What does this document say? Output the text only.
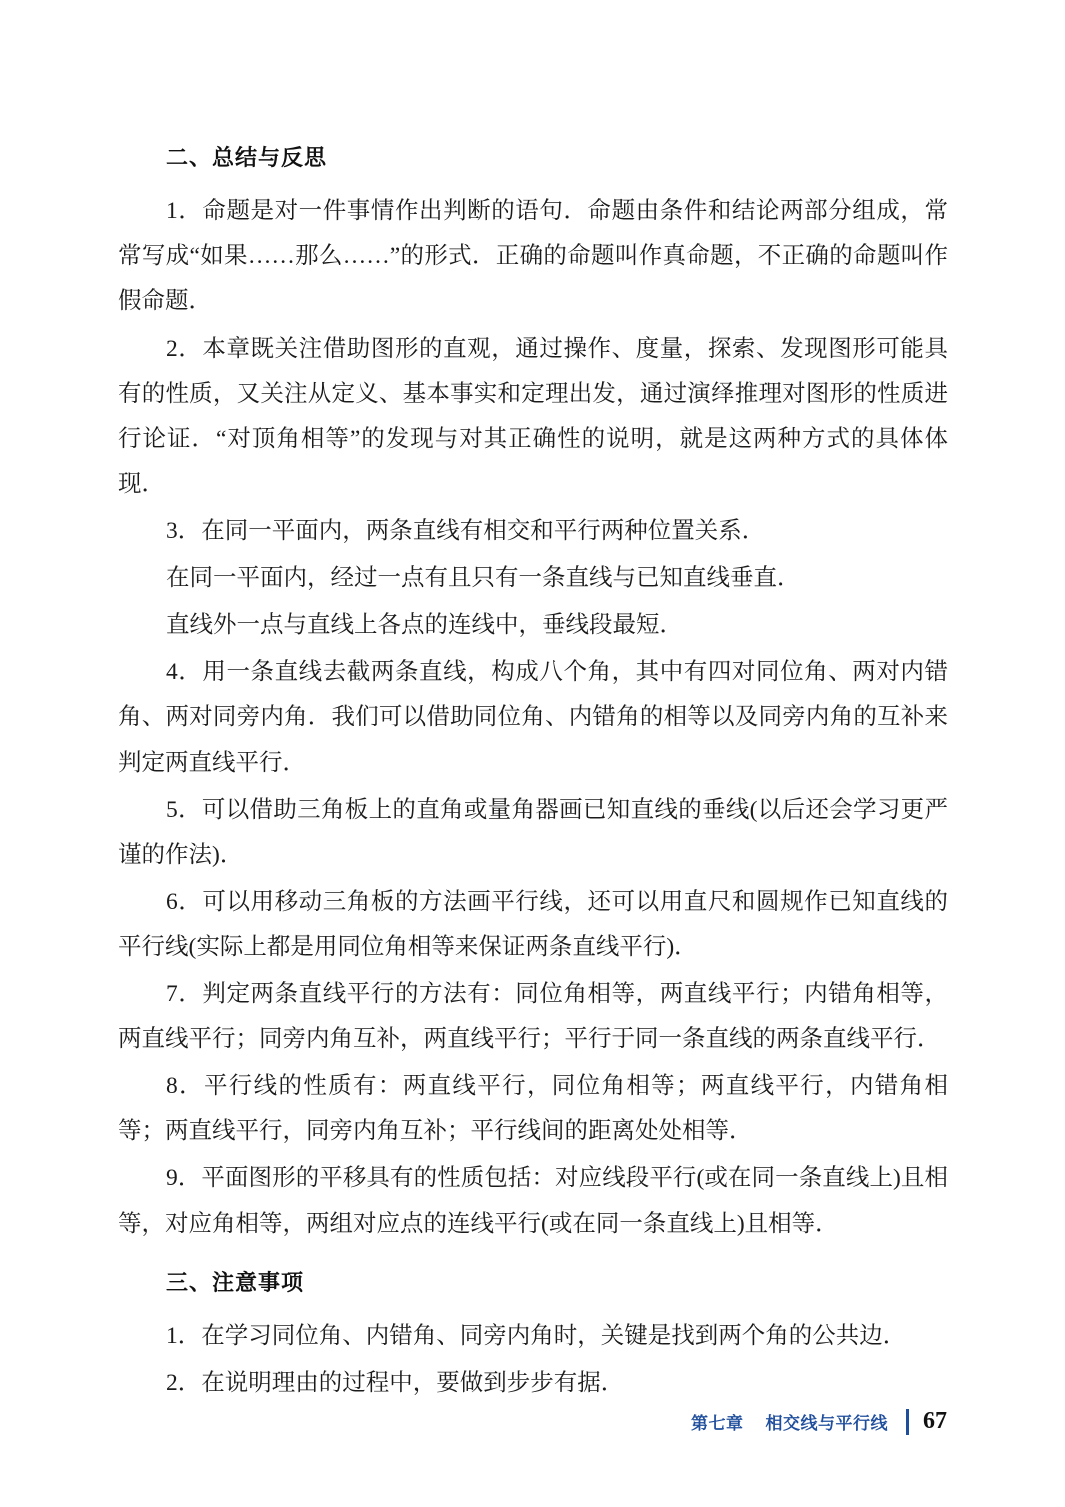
二、总结与反思

1．命题是对一件事情作出判断的语句．命题由条件和结论两部分组成，常常写成“如果……那么……”的形式．正确的命题叫作真命题，不正确的命题叫作假命题．

2．本章既关注借助图形的直观，通过操作、度量，探索、发现图形可能具有的性质，又关注从定义、基本事实和定理出发，通过演绎推理对图形的性质进行论证．“对顶角相等”的发现与对其正确性的说明，就是这两种方式的具体体现．

3．在同一平面内，两条直线有相交和平行两种位置关系．

在同一平面内，经过一点有且只有一条直线与已知直线垂直．

直线外一点与直线上各点的连线中，垂线段最短．

4．用一条直线去截两条直线，构成八个角，其中有四对同位角、两对内错角、两对同旁内角．我们可以借助同位角、内错角的相等以及同旁内角的互补来判定两直线平行．

5．可以借助三角板上的直角或量角器画已知直线的垂线(以后还会学习更严谨的作法)．

6．可以用移动三角板的方法画平行线，还可以用直尺和圆规作已知直线的平行线(实际上都是用同位角相等来保证两条直线平行)．

7．判定两条直线平行的方法有：同位角相等，两直线平行；内错角相等，两直线平行；同旁内角互补，两直线平行；平行于同一条直线的两条直线平行．

8．平行线的性质有：两直线平行，同位角相等；两直线平行，内错角相等；两直线平行，同旁内角互补；平行线间的距离处处相等．

9．平面图形的平移具有的性质包括：对应线段平行(或在同一条直线上)且相等，对应角相等，两组对应点的连线平行(或在同一条直线上)且相等．

三、注意事项

1．在学习同位角、内错角、同旁内角时，关键是找到两个角的公共边．

2．在说明理由的过程中，要做到步步有据．

第七章 相交线与平行线 67
